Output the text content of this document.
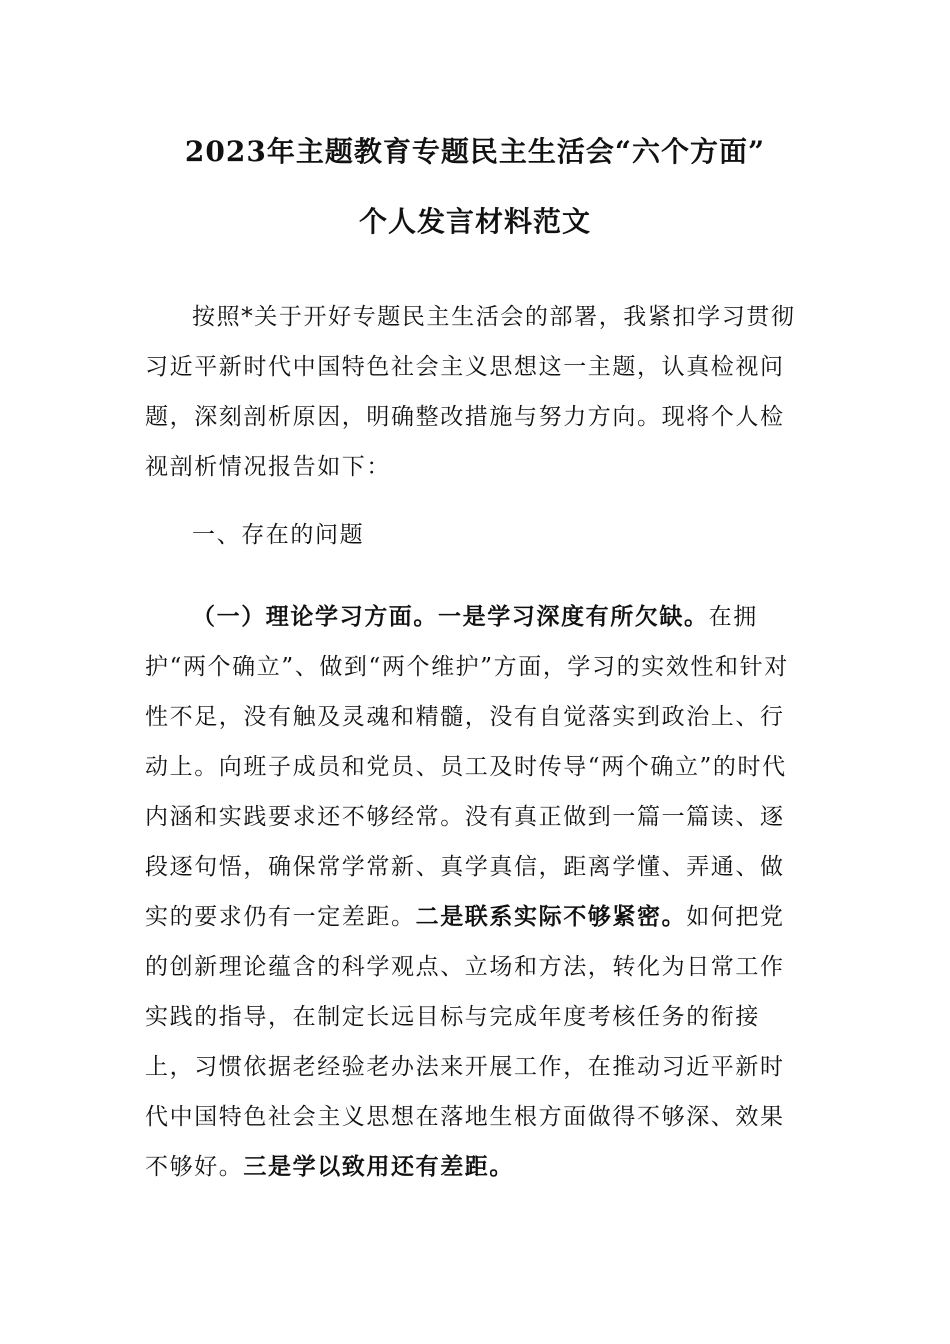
2023年主题教育专题民主生活会“六个方面”
个人发言材料范文
按照*关于开好专题民主生活会的部署，我紧扣学习贯彻习近平新时代中国特色社会主义思想这一主题，认真检视问题，深刻剖析原因，明确整改措施与努力方向。现将个人检视剖析情况报告如下：
一、存在的问题
（一）理论学习方面。一是学习深度有所欠缺。在拥护“两个确立”、做到“两个维护”方面，学习的实效性和针对性不足，没有触及灵魂和精髓，没有自觉落实到政治上、行动上。向班子成员和党员、员工及时传导“两个确立”的时代内涵和实践要求还不够经常。没有真正做到一篇一篇读、逐段逐句悟，确保常学常新、真学真信，距离学懂、弄通、做实的要求仍有一定差距。二是联系实际不够紧密。如何把党的创新理论蕴含的科学观点、立场和方法，转化为日常工作实践的指导，在制定长远目标与完成年度考核任务的衔接上，习惯依据老经验老办法来开展工作，在推动习近平新时代中国特色社会主义思想在落地生根方面做得不够深、效果不够好。三是学以致用还有差距。
